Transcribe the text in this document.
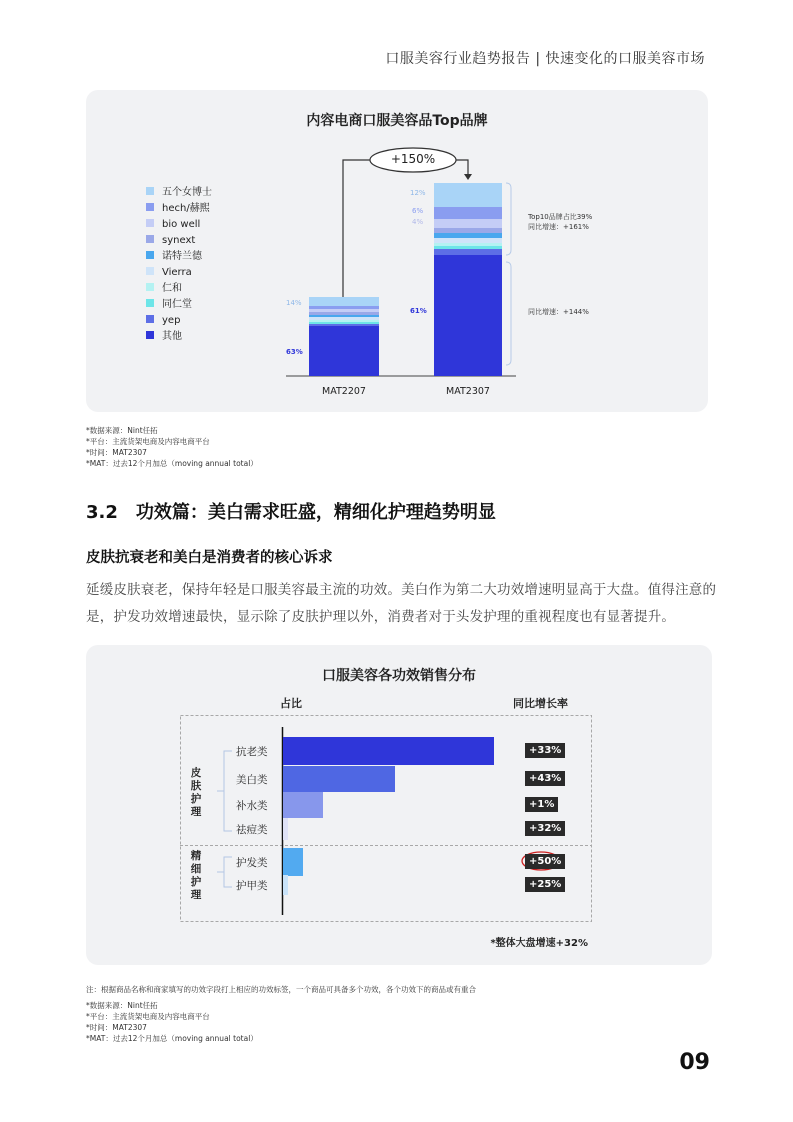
口服美容行业趋势报告 | 快速变化的口服美容市场
内容电商口服美容品Top品牌
五个女博士
hech/赫熙
bio well
synext
诺特兰德
Vierra
仁和
同仁堂
yep
其他
+150%
14%
63%
MAT2207
12%
6%
4%
61%
MAT2307
Top10品牌占比39%
同比增速：+161%
同比增速：+144%
*数据来源：Nint任拓
*平台：主流货架电商及内容电商平台
*时间：MAT2307
*MAT：过去12个月加总（moving annual total）
3.2 功效篇：美白需求旺盛，精细化护理趋势明显
皮肤抗衰老和美白是消费者的核心诉求
延缓皮肤衰老，保持年轻是口服美容最主流的功效。美白作为第二大功效增速明显高于大盘。值得注意的是，护发功效增速最快，显示除了皮肤护理以外，消费者对于头发护理的重视程度也有显著提升。
口服美容各功效销售分布
占比	同比增长率
皮肤护理
精细护理
抗老类	+33%
美白类	+43%
补水类	+1%
祛痘类	+32%
护发类	+50%
护甲类	+25%
*整体大盘增速+32%
注：根据商品名称和商家填写的功效字段打上相应的功效标签，一个商品可具备多个功效，各个功效下的商品或有重合
*数据来源：Nint任拓
*平台：主流货架电商及内容电商平台
*时间：MAT2307
*MAT：过去12个月加总（moving annual total）
09
